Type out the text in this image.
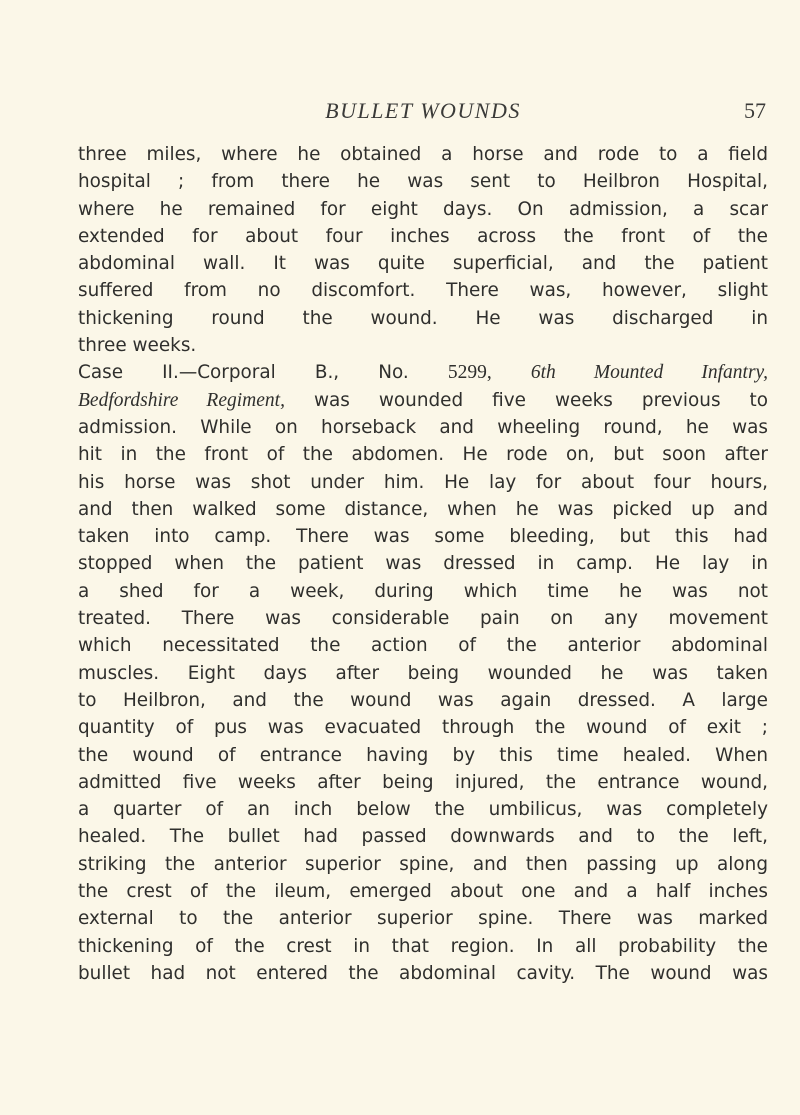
BULLET WOUNDS	57
three miles, where he obtained a horse and rode to a field
hospital ; from there he was sent to Heilbron Hospital,
where he remained for eight days. On admission, a scar
extended for about four inches across the front of the
abdominal wall. It was quite superficial, and the patient
suffered from no discomfort. There was, however, slight
thickening round the wound. He was discharged in
three weeks.
Case II.—Corporal B., No. 5299, 6th Mounted Infantry,
Bedfordshire Regiment, was wounded five weeks previous to
admission. While on horseback and wheeling round, he was
hit in the front of the abdomen. He rode on, but soon after
his horse was shot under him. He lay for about four hours,
and then walked some distance, when he was picked up and
taken into camp. There was some bleeding, but this had
stopped when the patient was dressed in camp. He lay in
a shed for a week, during which time he was not
treated. There was considerable pain on any movement
which necessitated the action of the anterior abdominal
muscles. Eight days after being wounded he was taken
to Heilbron, and the wound was again dressed. A large
quantity of pus was evacuated through the wound of exit ;
the wound of entrance having by this time healed. When
admitted five weeks after being injured, the entrance wound,
a quarter of an inch below the umbilicus, was completely
healed. The bullet had passed downwards and to the left,
striking the anterior superior spine, and then passing up along
the crest of the ileum, emerged about one and a half inches
external to the anterior superior spine. There was marked
thickening of the crest in that region. In all probability the
bullet had not entered the abdominal cavity. The wound was
